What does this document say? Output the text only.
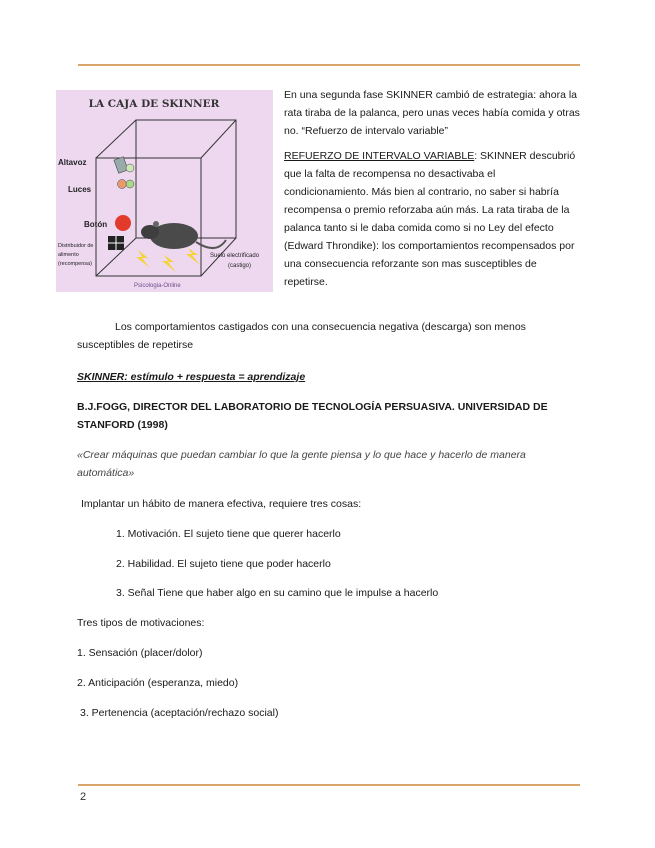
LA CAJA DE SKINNER
Altavoz
Luces
Botón
Distribuidor de
alimento
(recompensa)
Suelo electrificado
(castigo)
Psicologia-Online

En una segunda fase SKINNER cambió de estrategia: ahora la rata tiraba de la palanca, pero unas veces había comida y otras no. “Refuerzo de intervalo variable”

REFUERZO DE INTERVALO VARIABLE: SKINNER descubrió que la falta de recompensa no desactivaba el condicionamiento. Más bien al contrario, no saber si habría recompensa o premio reforzaba aún más. La rata tiraba de la palanca tanto si le daba comida como si no Ley del efecto (Edward Throndike): los comportamientos recompensados por una consecuencia reforzante son mas susceptibles de repetirse.

Los comportamientos castigados con una consecuencia negativa (descarga) son menos susceptibles de repetirse

SKINNER: estímulo + respuesta = aprendizaje
B.J.FOGG, DIRECTOR DEL LABORATORIO DE TECNOLOGÍA PERSUASIVA. UNIVERSIDAD DE STANFORD (1998)
«Crear máquinas que puedan cambiar lo que la gente piensa y lo que hace y hacerlo de manera automática»
Implantar un hábito de manera efectiva, requiere tres cosas:
1. Motivación. El sujeto tiene que querer hacerlo
2. Habilidad. El sujeto tiene que poder hacerlo
3. Señal Tiene que haber algo en su camino que le impulse a hacerlo
Tres tipos de motivaciones:
1. Sensación (placer/dolor)
2. Anticipación (esperanza, miedo)
3. Pertenencia (aceptación/rechazo social)
2
